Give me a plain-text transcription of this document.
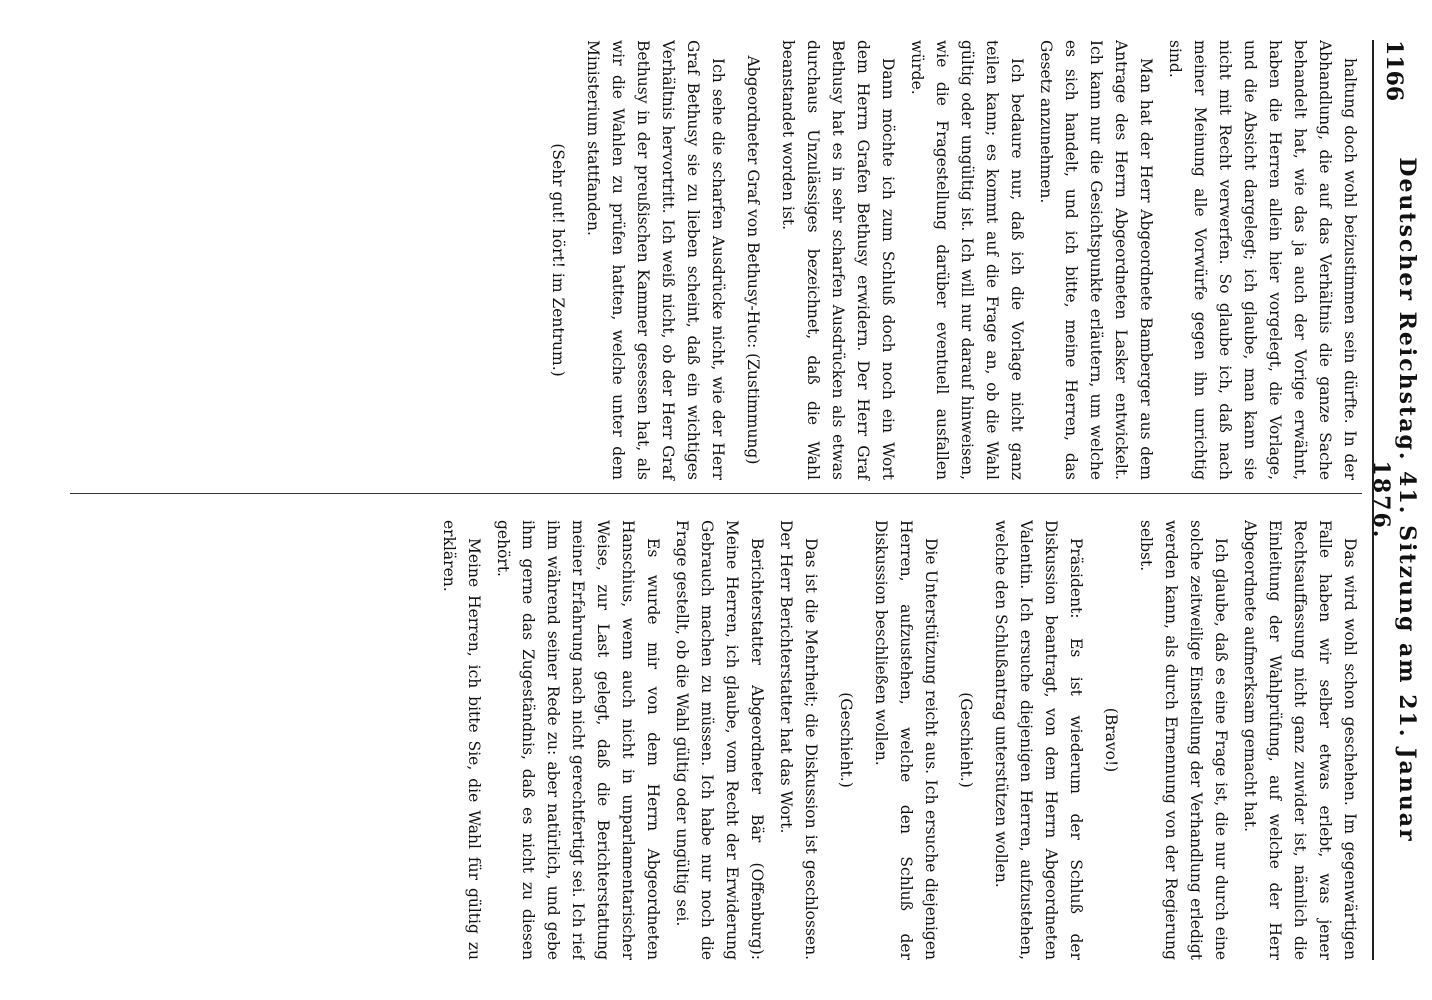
1166
Deutscher Reichstag. 41. Sitzung am 21. Januar 1876.

haltung doch wohl beizustimmen sein dürfte. In der Abhandlung, die auf das Verhältnis die ganze Sache behandelt hat, wie das ja auch der Vorige erwähnt, haben die Herren allein hier vorgelegt, die Vorlage, und die Absicht dargelegt; ich glaube, man kann sie nicht mit Recht verwerfen. So glaube ich, daß nach meiner Meinung alle Vorwürfe gegen ihn unrichtig sind.

Man hat der Herr Abgeordnete Bamberger aus dem Antrage des Herrn Abgeordneten Lasker entwickelt. Ich kann nur die Gesichtspunkte erläutern, um welche es sich handelt, und ich bitte, meine Herren, das Gesetz anzunehmen.

Ich bedaure nur, daß ich die Vorlage nicht ganz teilen kann; es kommt auf die Frage an, ob die Wahl gültig oder ungültig ist. Ich will nur darauf hinweisen, wie die Fragestellung darüber eventuell ausfallen würde.

Dann möchte ich zum Schluß doch noch ein Wort dem Herrn Grafen Bethusy erwidern. Der Herr Graf Bethusy hat es in sehr scharfen Ausdrücken als etwas durchaus Unzulässiges bezeichnet, daß die Wahl beanstandet worden ist.

Abgeordneter Graf von Bethusy-Huc: (Zustimmung)

Ich sehe die scharfen Ausdrücke nicht, wie der Herr Graf Bethusy sie zu lieben scheint, daß ein wichtiges Verhältnis hervortritt. Ich weiß nicht, ob der Herr Graf Bethusy in der preußischen Kammer gesessen hat, als wir die Wahlen zu prüfen hatten, welche unter dem Ministerium stattfanden.

(Sehr gut! hört! im Zentrum.)

Das wird wohl schon geschehen. Im gegenwärtigen Falle haben wir selber etwas erlebt, was jener Rechtsauffassung nicht ganz zuwider ist, nämlich die Einleitung der Wahlprüfung, auf welche der Herr Abgeordnete aufmerksam gemacht hat.

Ich glaube, daß es eine Frage ist, die nur durch eine solche zeitweilige Einstellung der Verhandlung erledigt werden kann, als durch Ernennung von der Regierung selbst.

(Bravo!)

Präsident: Es ist wiederum der Schluß der Diskussion beantragt, von dem Herrn Abgeordneten Valentin. Ich ersuche diejenigen Herren, aufzustehen, welche den Schlußantrag unterstützen wollen.

(Geschieht.)

Die Unterstützung reicht aus. Ich ersuche diejenigen Herren, aufzustehen, welche den Schluß der Diskussion beschließen wollen.

(Geschieht.)

Das ist die Mehrheit; die Diskussion ist geschlossen. Der Herr Berichterstatter hat das Wort.

Berichterstatter Abgeordneter Bär (Offenburg): Meine Herren, ich glaube, vom Recht der Erwiderung Gebrauch machen zu müssen. Ich habe nur noch die Frage gestellt, ob die Wahl gültig oder ungültig sei.

Es wurde mir von dem Herrn Abgeordneten Hanschius, wenn auch nicht in unparlamentarischer Weise, zur Last gelegt, daß die Berichterstattung meiner Erfahrung nach nicht gerechtfertigt sei. Ich rief ihm während seiner Rede zu: aber natürlich, und gebe ihm gerne das Zugeständnis, daß es nicht zu diesen gehört.

Meine Herren, ich bitte Sie, die Wahl für gültig zu erklären.
